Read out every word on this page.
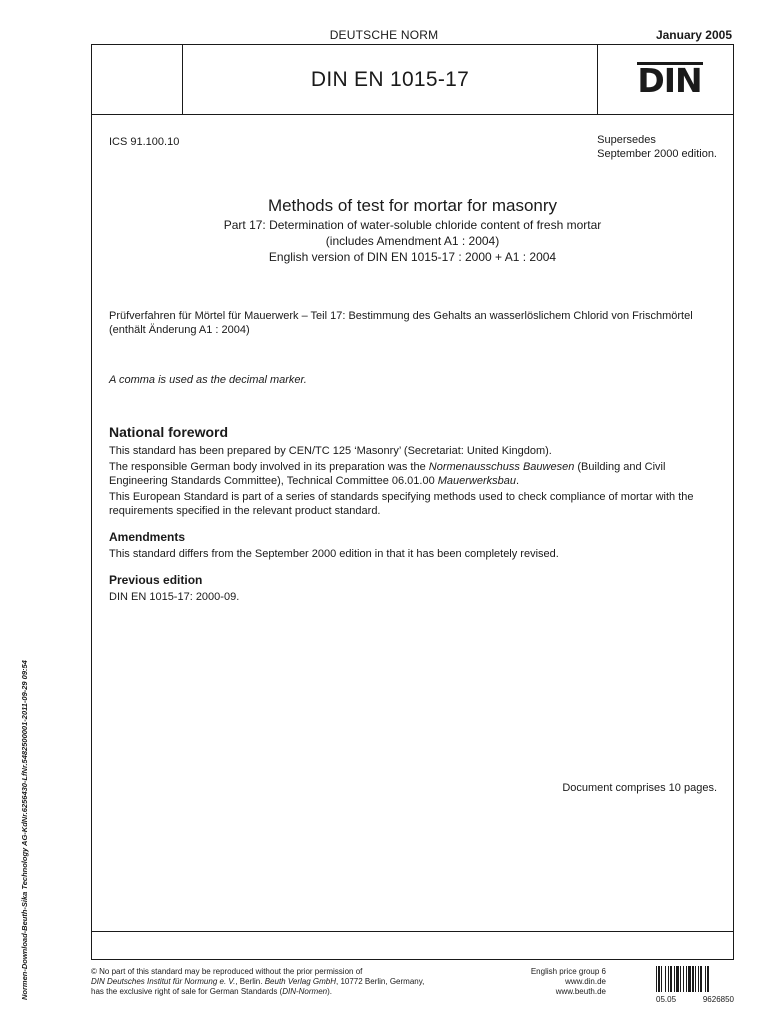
DEUTSCHE NORM	January 2005
DIN EN 1015-17	DIN
ICS 91.100.10	Supersedes
September 2000 edition.
Methods of test for mortar for masonry
Part 17: Determination of water-soluble chloride content of fresh mortar
(includes Amendment A1 : 2004)
English version of DIN EN 1015-17 : 2000 + A1 : 2004
Prüfverfahren für Mörtel für Mauerwerk – Teil 17: Bestimmung des Gehalts an wasserlöslichem Chlorid von Frischmörtel (enthält Änderung A1 : 2004)
A comma is used as the decimal marker.
National foreword
This standard has been prepared by CEN/TC 125 ‘Masonry’ (Secretariat: United Kingdom).
The responsible German body involved in its preparation was the Normenausschuss Bauwesen (Building and Civil Engineering Standards Committee), Technical Committee 06.01.00 Mauerwerksbau.
This European Standard is part of a series of standards specifying methods used to check compliance of mortar with the requirements specified in the relevant product standard.
Amendments
This standard differs from the September 2000 edition in that it has been completely revised.
Previous edition
DIN EN 1015-17: 2000-09.
Document comprises 10 pages.
Normen-Download-Beuth-Sika Technology AG-KdNr.6256430-LfNr.5482500001-2011-09-29 09:54	© No part of this standard may be reproduced without the prior permission of
DIN Deutsches Institut für Normung e. V., Berlin. Beuth Verlag GmbH, 10772 Berlin, Germany,
has the exclusive right of sale for German Standards (DIN-Normen).
English price group 6
www.din.de
www.beuth.de
05.05	9626850
